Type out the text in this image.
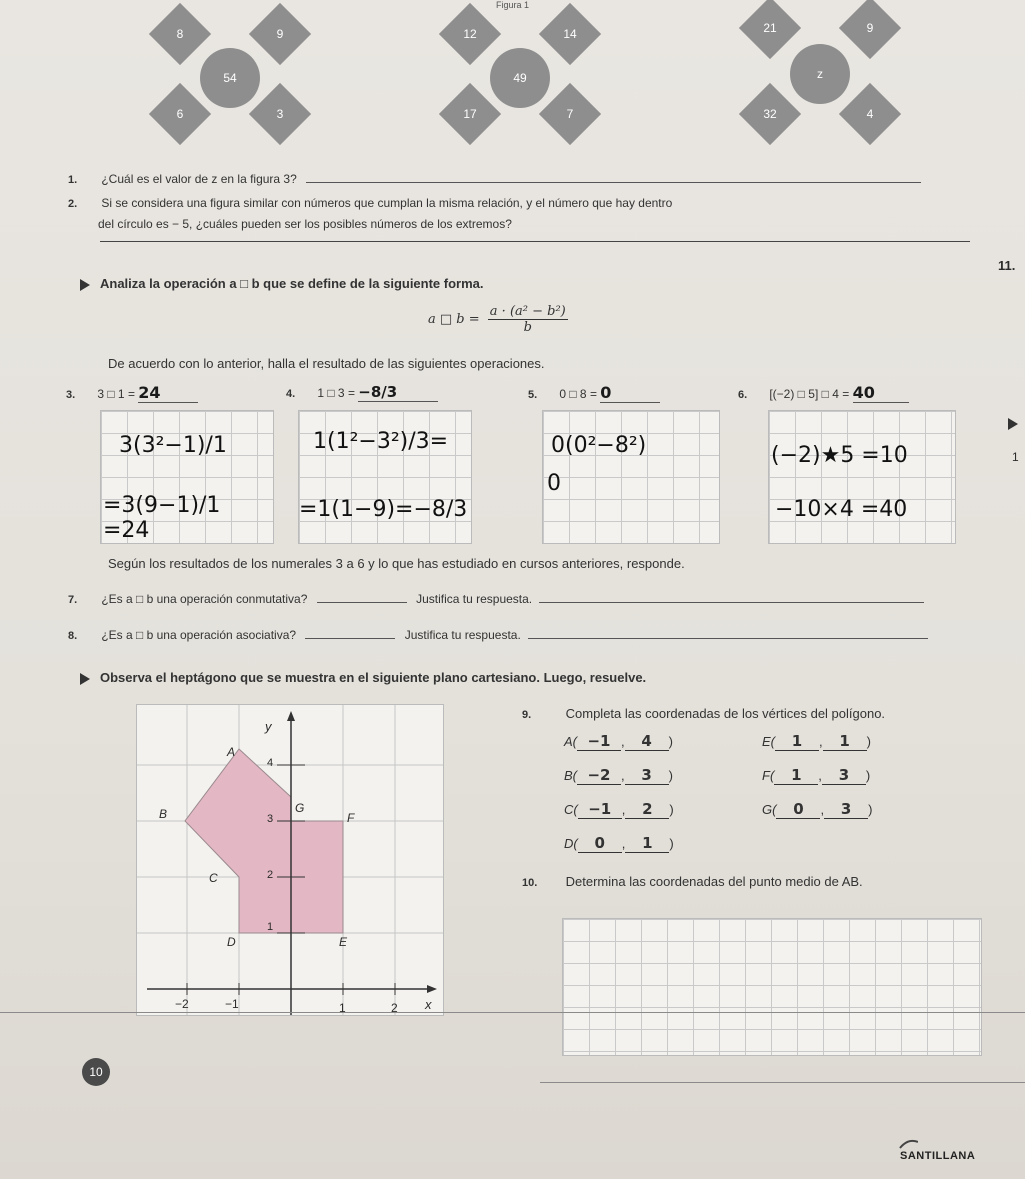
Figura 1
8	9
54
6	3
12	14
49
17	7
21	9
z
32	4
1. ¿Cuál es el valor de z en la figura 3?
2. Si se considera una figura similar con números que cumplan la misma relación, y el número que hay dentro
del círculo es − 5, ¿cuáles pueden ser los posibles números de los extremos?
11.
Analiza la operación a □ b que se define de la siguiente forma.
a □ $b = \frac{\text{a · (a² − b²)}}{b}$
De acuerdo con lo anterior, halla el resultado de las siguientes operaciones.
3. 3 □ 1 = 24	4. 1 □ 3 = −8/3	5. 0 □ 8 = 0	6. [(−2) □ 5] □ 4 = 40
3(3²−1)/1
=3(9−1)/1 =24
1(1²−3²)/3=
=1(1−9)=−8/3
0(0²−8²)
0
(−2)★5 =10
−10×4 =40
1
Según los resultados de los numerales 3 a 6 y lo que has estudiado en cursos anteriores, responde.
7. ¿Es a □ b una operación conmutativa?	Justifica tu respuesta.
8. ¿Es a □ b una operación asociativa?	Justifica tu respuesta.
Observa el heptágono que se muestra en el siguiente plano cartesiano. Luego, resuelve.
y
x
4
3
2
1
−2	−1	1	2
A
B
C
D	E
F
G
9.	Completa las coordenadas de los vértices del polígono.
A( −1 , 4 )
B( −2 , 3 )
C( −1 , 2 )
D( 0 , 1 )
E( 1 , 1 )
F( 1 , 3 )
G( 0 , 3 )
10. Determina las coordenadas del punto medio de AB.
10
SANTILLANA
